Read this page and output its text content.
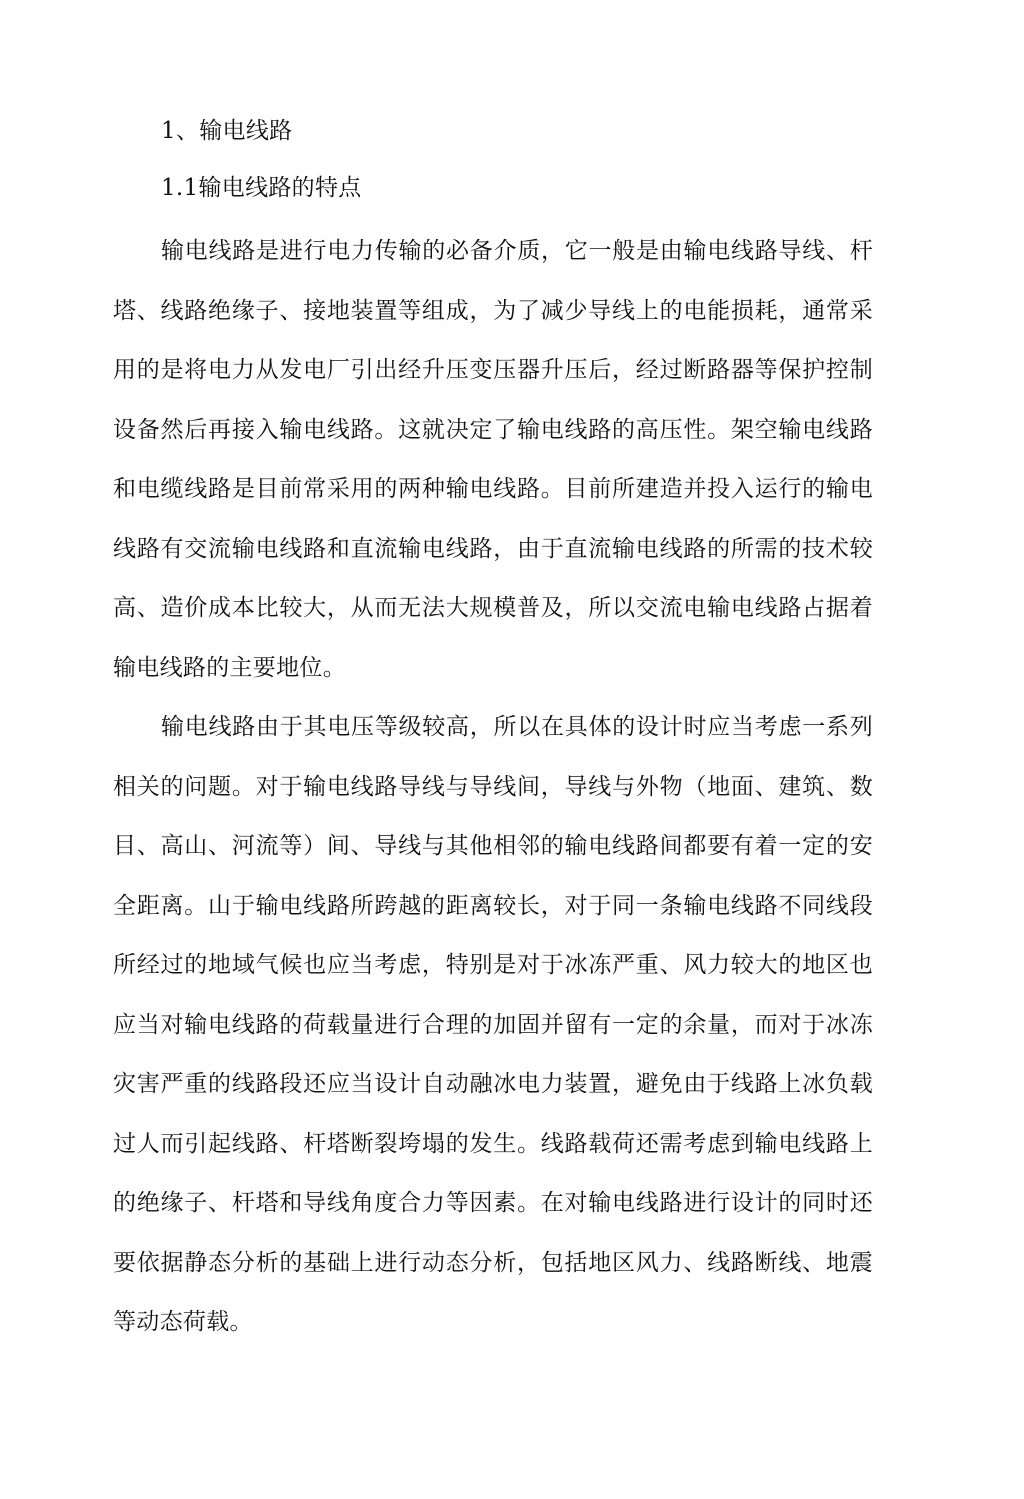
1、输电线路
1.1输电线路的特点

输电线路是进行电力传输的必备介质，它一般是由输电线路导线、杆塔、线路绝缘子、接地装置等组成，为了减少导线上的电能损耗，通常采用的是将电力从发电厂引出经升压变压器升压后，经过断路器等保护控制设备然后再接入输电线路。这就决定了输电线路的高压性。架空输电线路和电缆线路是目前常采用的两种输电线路。目前所建造并投入运行的输电线路有交流输电线路和直流输电线路，由于直流输电线路的所需的技术较高、造价成本比较大，从而无法大规模普及，所以交流电输电线路占据着输电线路的主要地位。

输电线路由于其电压等级较高，所以在具体的设计时应当考虑一系列相关的问题。对于输电线路导线与导线间，导线与外物（地面、建筑、数目、高山、河流等）间、导线与其他相邻的输电线路间都要有着一定的安全距离。山于输电线路所跨越的距离较长，对于同一条输电线路不同线段所经过的地域气候也应当考虑，特别是对于冰冻严重、风力较大的地区也应当对输电线路的荷载量进行合理的加固并留有一定的余量，而对于冰冻灾害严重的线路段还应当设计自动融冰电力装置，避免由于线路上冰负载过人而引起线路、杆塔断裂垮塌的发生。线路载荷还需考虑到输电线路上的绝缘子、杆塔和导线角度合力等因素。在对输电线路进行设计的同时还要依据静态分析的基础上进行动态分析，包括地区风力、线路断线、地震等动态荷载。
